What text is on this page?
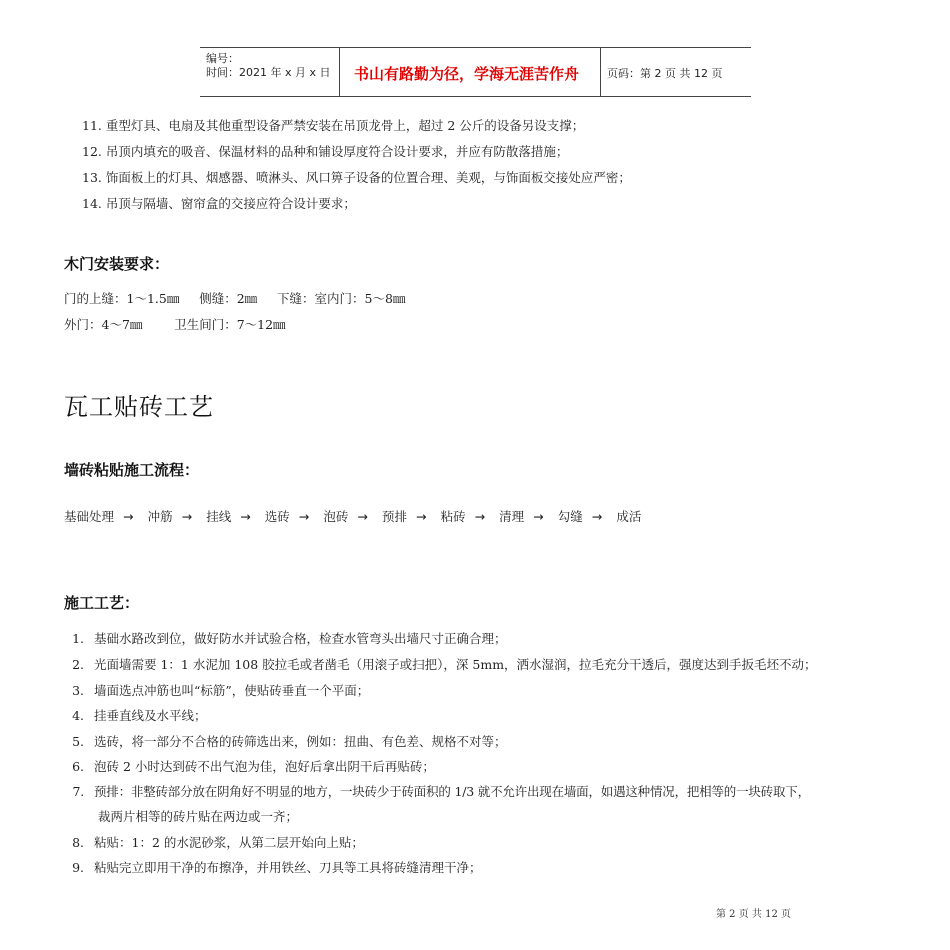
编号：
时间：2021 年 x 月 x 日 书山有路勤为径，学海无涯苦作舟	页码：第 2 页 共 12 页
11. 重型灯具、电扇及其他重型设备严禁安装在吊顶龙骨上，超过 2 公斤的设备另设支撑；
12. 吊顶内填充的吸音、保温材料的品种和铺设厚度符合设计要求，并应有防散落措施；
13. 饰面板上的灯具、烟感器、喷淋头、风口箅子设备的位置合理、美观，与饰面板交接处应严密；
14. 吊顶与隔墙、窗帘盒的交接应符合设计要求；
木门安装要求：
门的上缝：1～1.5㎜     侧缝：2㎜     下缝：室内门：5～8㎜
外门：4～7㎜        卫生间门：7～12㎜
瓦工贴砖工艺
墙砖粘贴施工流程：
基础处理 → 冲筋 → 挂线 → 选砖 → 泡砖 → 预排 → 粘砖 → 清理 → 勾缝 → 成活
施工工艺：
1. 基础水路改到位，做好防水并试验合格，检查水管弯头出墙尺寸正确合理；
2. 光面墙需要 1：1 水泥加 108 胶拉毛或者凿毛（用滚子或扫把），深 5mm，洒水湿润，拉毛充分干透后，强度达到手扳毛坯不动；
3. 墙面选点冲筋也叫“标筋”，使贴砖垂直一个平面；
4. 挂垂直线及水平线；
5. 选砖，将一部分不合格的砖筛选出来，例如：扭曲、有色差、规格不对等；
6. 泡砖 2 小时达到砖不出气泡为佳，泡好后拿出阴干后再贴砖；
7. 预排：非整砖部分放在阴角好不明显的地方，一块砖少于砖面积的 1/3 就不允许出现在墙面，如遇这种情况，把相等的一块砖取下，
裁两片相等的砖片贴在两边或一齐；
8. 粘贴：1：2 的水泥砂浆，从第二层开始向上贴；
9. 粘贴完立即用干净的布擦净，并用铁丝、刀具等工具将砖缝清理干净；
第 2 页 共 12 页
